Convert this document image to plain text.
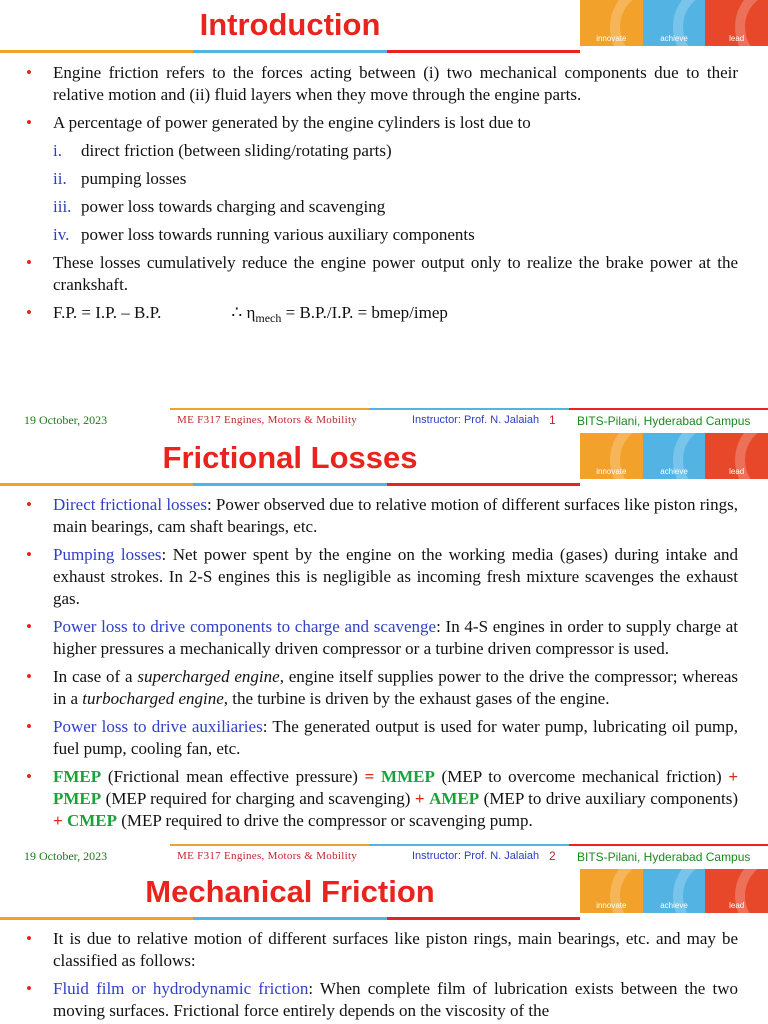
Introduction	innovate	achieve	lead
• Engine friction refers to the forces acting between (i) two mechanical components due to their relative motion and (ii) fluid layers when they move through the engine parts.
• A percentage of power generated by the engine cylinders is lost due to
i. direct friction (between sliding/rotating parts)
ii. pumping losses
iii. power loss towards charging and scavenging
iv. power loss towards running various auxiliary components
• These losses cumulatively reduce the engine power output only to realize the brake power at the crankshaft.
• F.P. = I.P. – B.P.	∴ $\eta_{mech} = B.P./I.P$. = bmep/imep
19 October, 2023	ME F317 Engines, Motors & Mobility	Instructor: Prof. N. Jalaiah 1 BITS-Pilani, Hyderabad Campus
Frictional Losses	innovate	achieve	lead
• Direct frictional losses: Power observed due to relative motion of different surfaces like piston rings, main bearings, cam shaft bearings, etc.
• Pumping losses: Net power spent by the engine on the working media (gases) during intake and exhaust strokes. In 2-S engines this is negligible as incoming fresh mixture scavenges the exhaust gas.
• Power loss to drive components to charge and scavenge: In 4-S engines in order to supply charge at higher pressures a mechanically driven compressor or a turbine driven compressor is used.
• In case of a supercharged engine, engine itself supplies power to the drive the compressor; whereas in a turbocharged engine, the turbine is driven by the exhaust gases of the engine.
• Power loss to drive auxiliaries: The generated output is used for water pump, lubricating oil pump, fuel pump, cooling fan, etc.
• FMEP (Frictional mean effective pressure) = MMEP (MEP to overcome mechanical friction) + PMEP (MEP required for charging and scavenging) + AMEP (MEP to drive auxiliary components) + CMEP (MEP required to drive the compressor or scavenging pump.
19 October, 2023	ME F317 Engines, Motors & Mobility	Instructor: Prof. N. Jalaiah 2 BITS-Pilani, Hyderabad Campus
Mechanical Friction	innovate	achieve	lead
• It is due to relative motion of different surfaces like piston rings, main bearings, etc. and may be classified as follows:
• Fluid film or hydrodynamic friction: When complete film of lubrication exists between the two moving surfaces. Frictional force entirely depends on the viscosity of the
